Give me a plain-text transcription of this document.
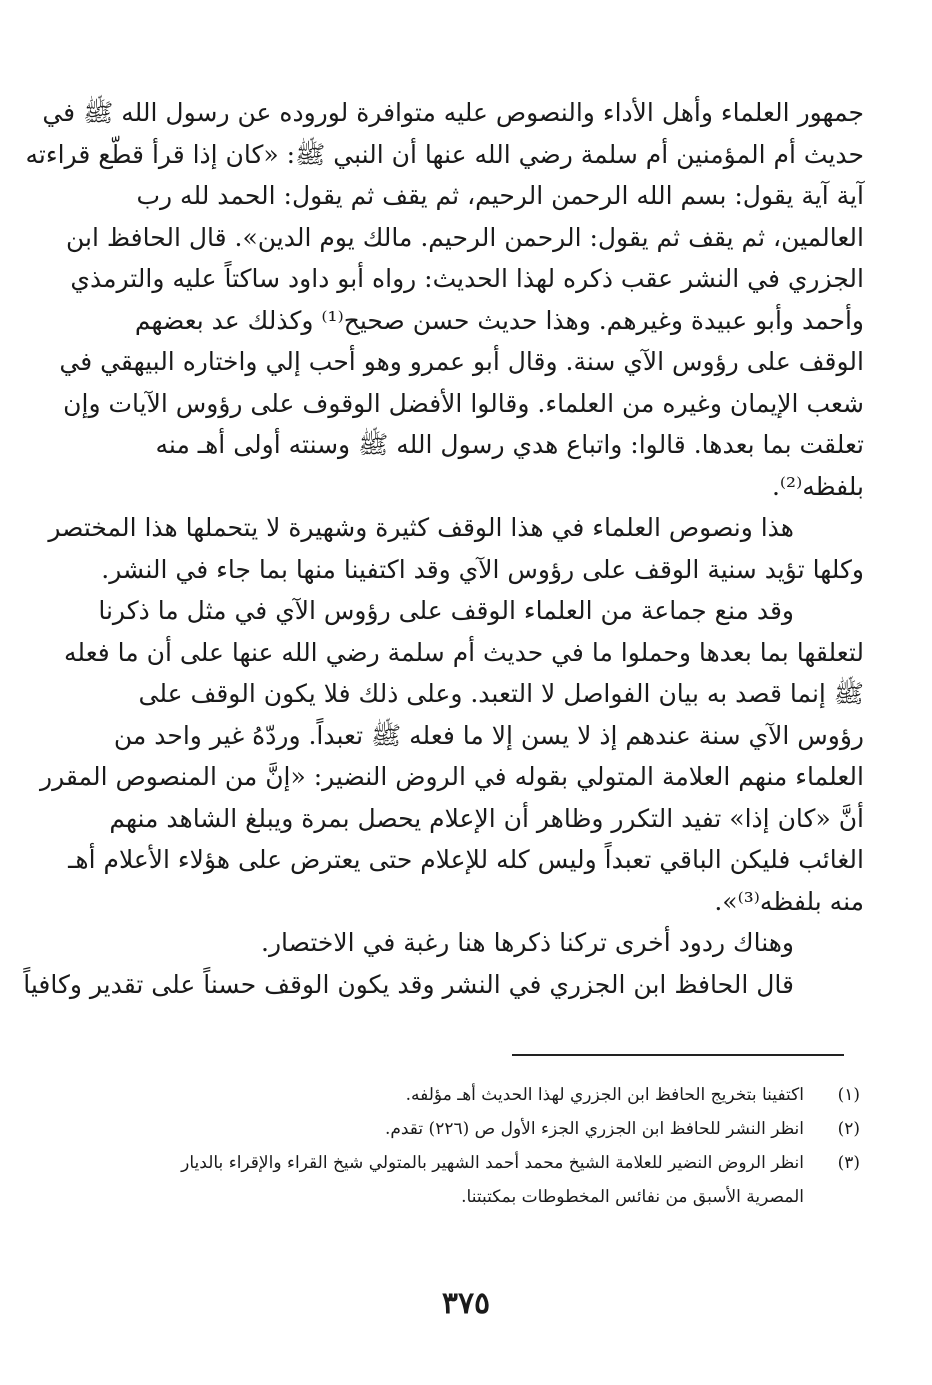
جمهور العلماء وأهل الأداء والنصوص عليه متوافرة لوروده عن رسول الله ﷺ في
حديث أم المؤمنين أم سلمة رضي الله عنها أن النبي ﷺ: «كان إذا قرأ قطّع قراءته
آية آية يقول: بسم الله الرحمن الرحيم، ثم يقف ثم يقول: الحمد لله رب
العالمين، ثم يقف ثم يقول: الرحمن الرحيم. مالك يوم الدين». قال الحافظ ابن
الجزري في النشر عقب ذكره لهذا الحديث: رواه أبو داود ساكتاً عليه والترمذي
وأحمد وأبو عبيدة وغيرهم. وهذا حديث حسن صحيح⁽¹⁾ وكذلك عد بعضهم
الوقف على رؤوس الآي سنة. وقال أبو عمرو وهو أحب إلي واختاره البيهقي في
شعب الإيمان وغيره من العلماء. وقالوا الأفضل الوقوف على رؤوس الآيات وإن
تعلقت بما بعدها. قالوا: واتباع هدي رسول الله ﷺ وسنته أولى أهـ منه
بلفظه⁽²⁾.
هذا ونصوص العلماء في هذا الوقف كثيرة وشهيرة لا يتحملها هذا المختصر
وكلها تؤيد سنية الوقف على رؤوس الآي وقد اكتفينا منها بما جاء في النشر.
وقد منع جماعة من العلماء الوقف على رؤوس الآي في مثل ما ذكرنا
لتعلقها بما بعدها وحملوا ما في حديث أم سلمة رضي الله عنها على أن ما فعله
ﷺ إنما قصد به بيان الفواصل لا التعبد. وعلى ذلك فلا يكون الوقف على
رؤوس الآي سنة عندهم إذ لا يسن إلا ما فعله ﷺ تعبداً. وردّهُ غير واحد من
العلماء منهم العلامة المتولي بقوله في الروض النضير: «إنَّ من المنصوص المقرر
أنَّ «كان إذا» تفيد التكرر وظاهر أن الإعلام يحصل بمرة ويبلغ الشاهد منهم
الغائب فليكن الباقي تعبداً وليس كله للإعلام حتى يعترض على هؤلاء الأعلام أهـ
منه بلفظه⁽³⁾».
وهناك ردود أخرى تركنا ذكرها هنا رغبة في الاختصار.
قال الحافظ ابن الجزري في النشر وقد يكون الوقف حسناً على تقدير وكافياً
(١)
اكتفينا بتخريج الحافظ ابن الجزري لهذا الحديث أهـ مؤلفه.
(٢)
انظر النشر للحافظ ابن الجزري الجزء الأول ص (٢٢٦) تقدم.
(٣)
انظر الروض النضير للعلامة الشيخ محمد أحمد الشهير بالمتولي شيخ القراء والإقراء بالديار
المصرية الأسبق من نفائس المخطوطات بمكتبتنا.
٣٧٥
